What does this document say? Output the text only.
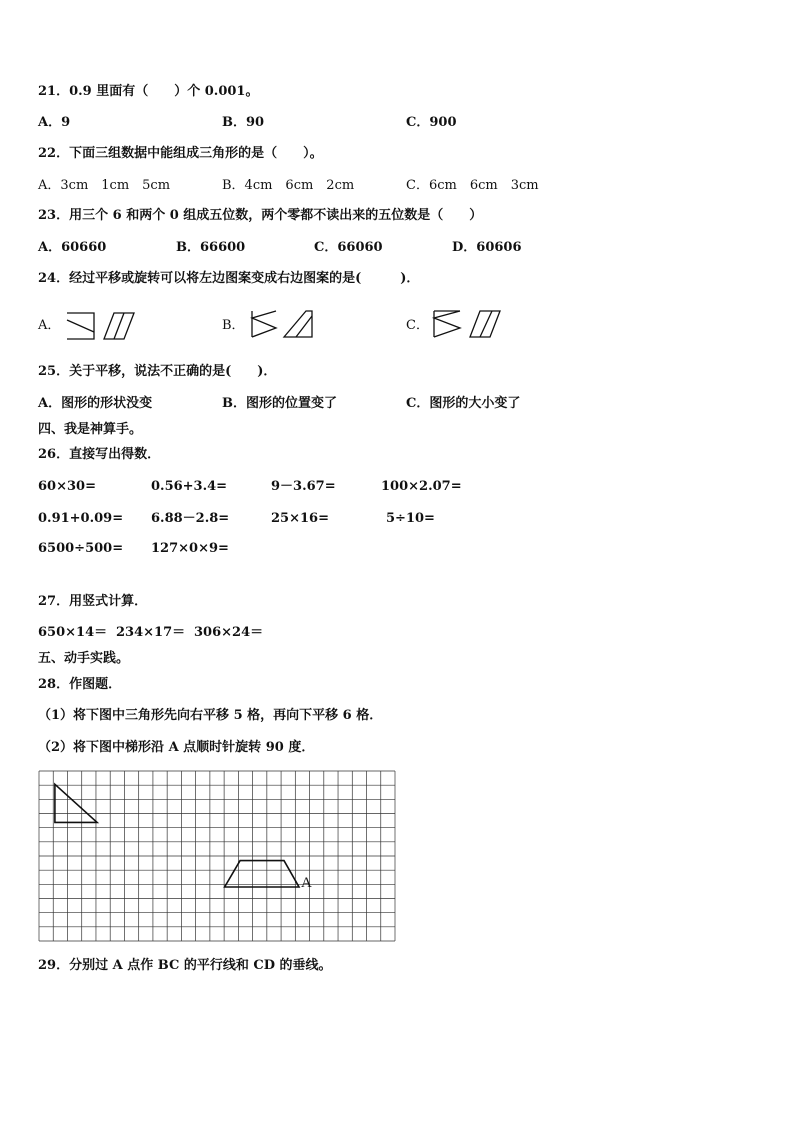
21．0.9 里面有（　　）个 0.001。
A．9	B．90	C．900
22．下面三组数据中能组成三角形的是（　　）。
A．3cm　1cm　5cm	B．4cm　6cm　2cm	C．6cm　6cm　3cm
23．用三个 6 和两个 0 组成五位数，两个零都不读出来的五位数是（　　）
A．60660	B．66600	C．66060	D．60606
24．经过平移或旋转可以将左边图案变成右边图案的是(　　　)．
A．	B．	C．
25．关于平移，说法不正确的是(　　)．
A．图形的形状没变	B．图形的位置变了	C．图形的大小变了
四、我是神算手。
26．直接写出得数．
60×30=	0.56+3.4=	9－3.67=	100×2.07=
0.91+0.09= 6.88－2.8=	25×16=	5÷10=
6500÷500= 127×0×9=
27．用竖式计算．
650×14＝ 234×17＝ 306×24＝
五、动手实践。
28．作图题．
（1）将下图中三角形先向右平移 5 格，再向下平移 6 格．
（2）将下图中梯形沿 A 点顺时针旋转 90 度．
A
29．分别过 A 点作 BC 的平行线和 CD 的垂线。
